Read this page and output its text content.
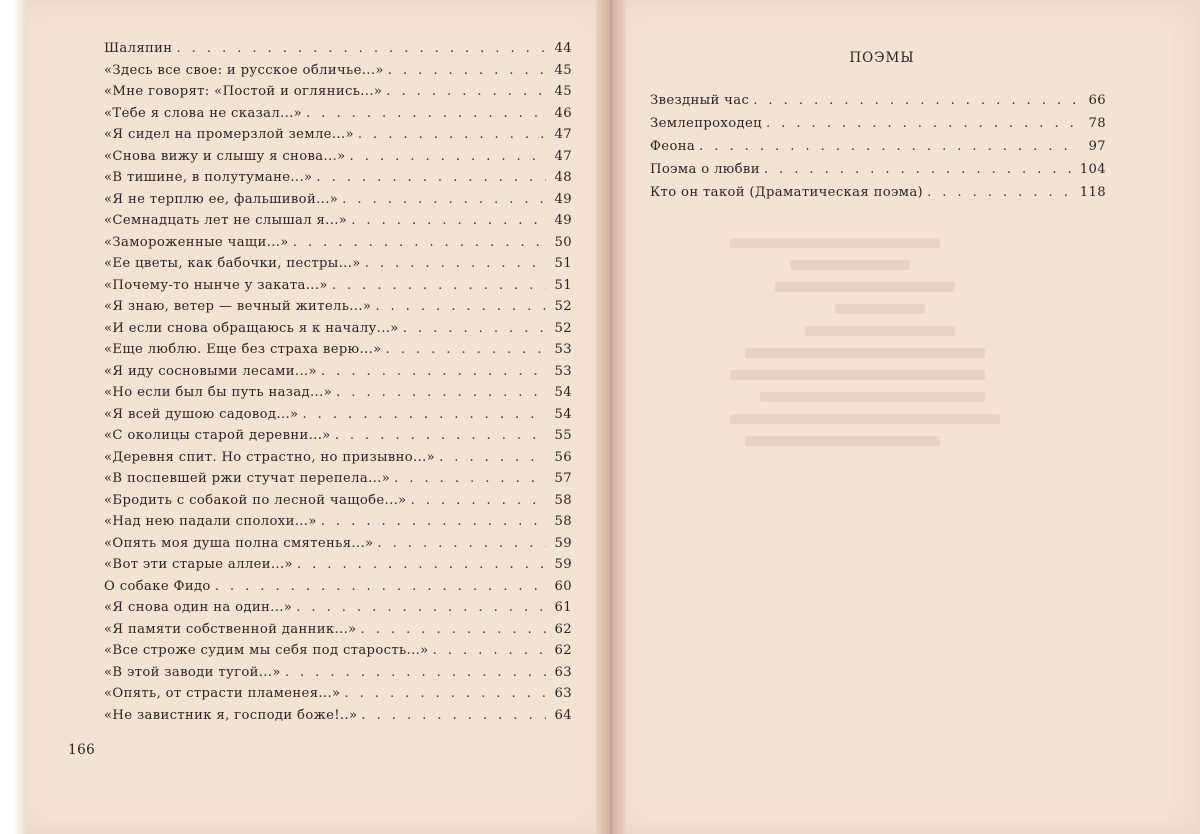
Шаляпин . . .	44
«Здесь все свое: и русское обличье...» . . .	45
«Мне говорят: «Постой и оглянись...» . . .	45
«Тебе я слова не сказал...» . . .	46
«Я сидел на промерзлой земле...» . . .	47
«Снова вижу и слышу я снова...» . . .	47
«В тишине, в полутумане...» . . .	48
«Я не терплю ее, фальшивой...» . . .	49
«Семнадцать лет не слышал я...» . . .	49
«Замороженные чащи...» . . .	50
«Ее цветы, как бабочки, пестры...» . . .	51
«Почему-то нынче у заката...» . . .	51
«Я знаю, ветер — вечный житель...» . . .	52
«И если снова обращаюсь я к началу...» . . .	52
«Еще люблю. Еще без страха верю...» . . .	53
«Я иду сосновыми лесами...» . . .	53
«Но если был бы путь назад...» . . .	54
«Я всей душою садовод...» . . .	54
«С околицы старой деревни...» . . .	55
«Деревня спит. Но страстно, но призывно...» . . .	56
«В поспевшей ржи стучат перепела...» . . .	57
«Бродить с собакой по лесной чащобе...» . . .	58
«Над нею падали сполохи...» . . .	58
«Опять моя душа полна смятенья...» . . .	59
«Вот эти старые аллеи...» . . .	59
О собаке Фидо . . .	60
«Я снова один на один...» . . .	61
«Я памяти собственной данник...» . . .	62
«Все строже судим мы себя под старость...» . . .	62
«В этой заводи тугой...» . . .	63
«Опять, от страсти пламенея...» . . .	63
«Не завистник я, господи боже!..» . . .	64
166
ПОЭМЫ
Звездный час . . .	66
Землепроходец . . .	78
Феона . . .	97
Поэма о любви . . .	104
Кто он такой (Драматическая поэма) . . .	118
